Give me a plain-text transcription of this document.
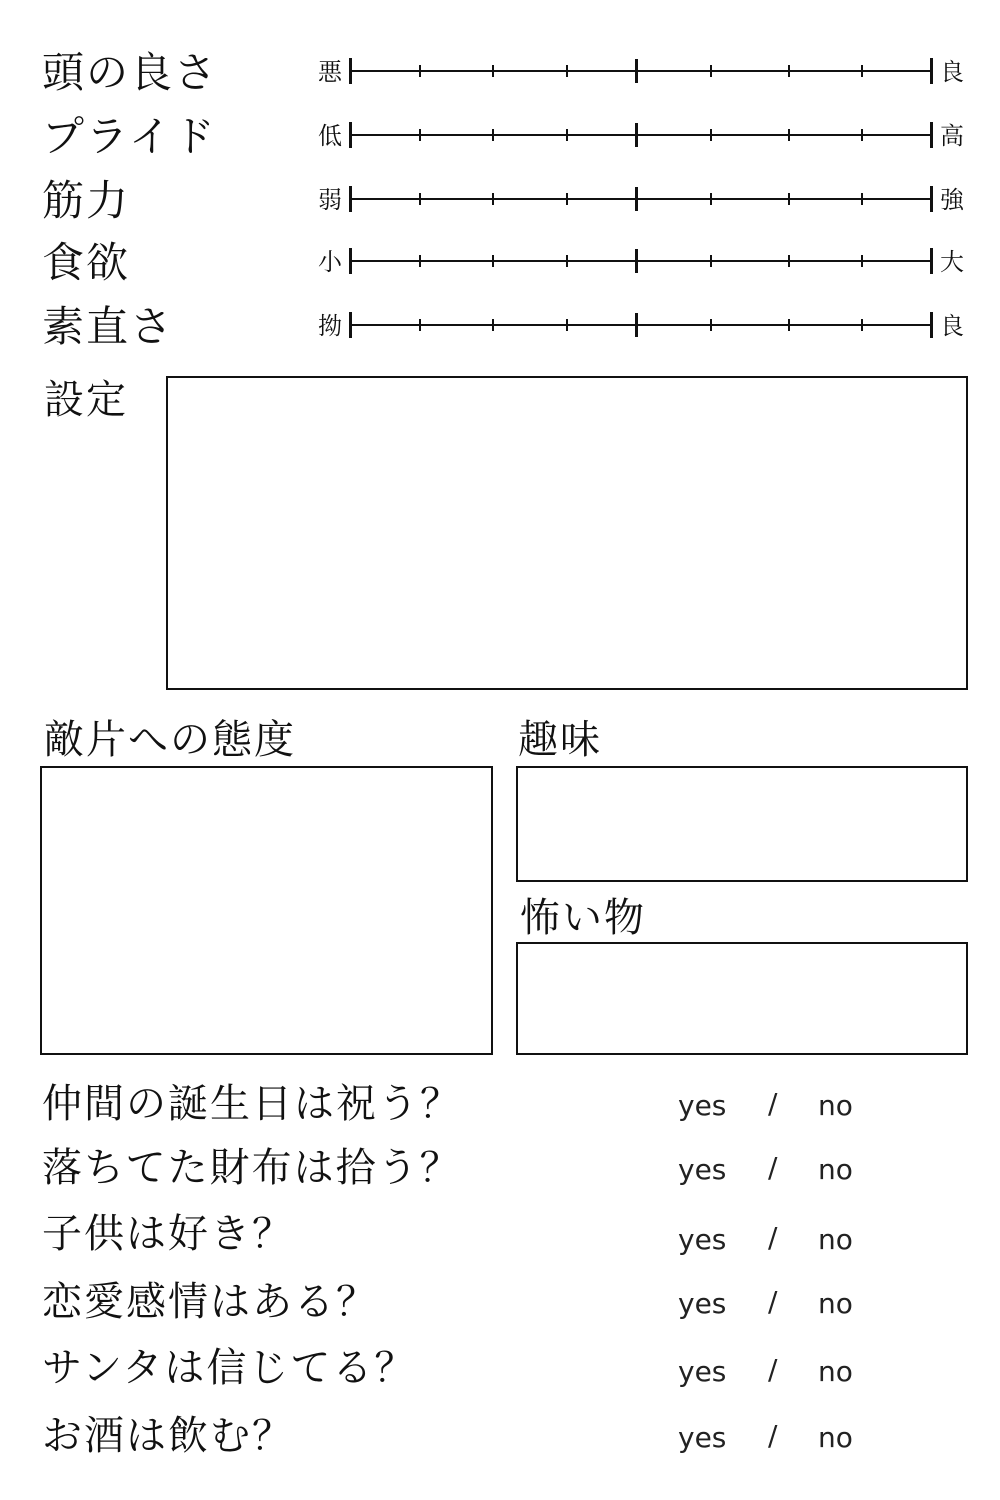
頭の良さ	悪	良
プライド	低	高
筋力	弱	強
食欲	小	大
素直さ	拗	良
設定
敵片への態度	趣味
怖い物
仲間の誕生日は祝う？	yes / no
落ちてた財布は拾う？	yes / no
子供は好き？	yes / no
恋愛感情はある？	yes / no
サンタは信じてる？	yes / no
お酒は飲む？	yes / no
